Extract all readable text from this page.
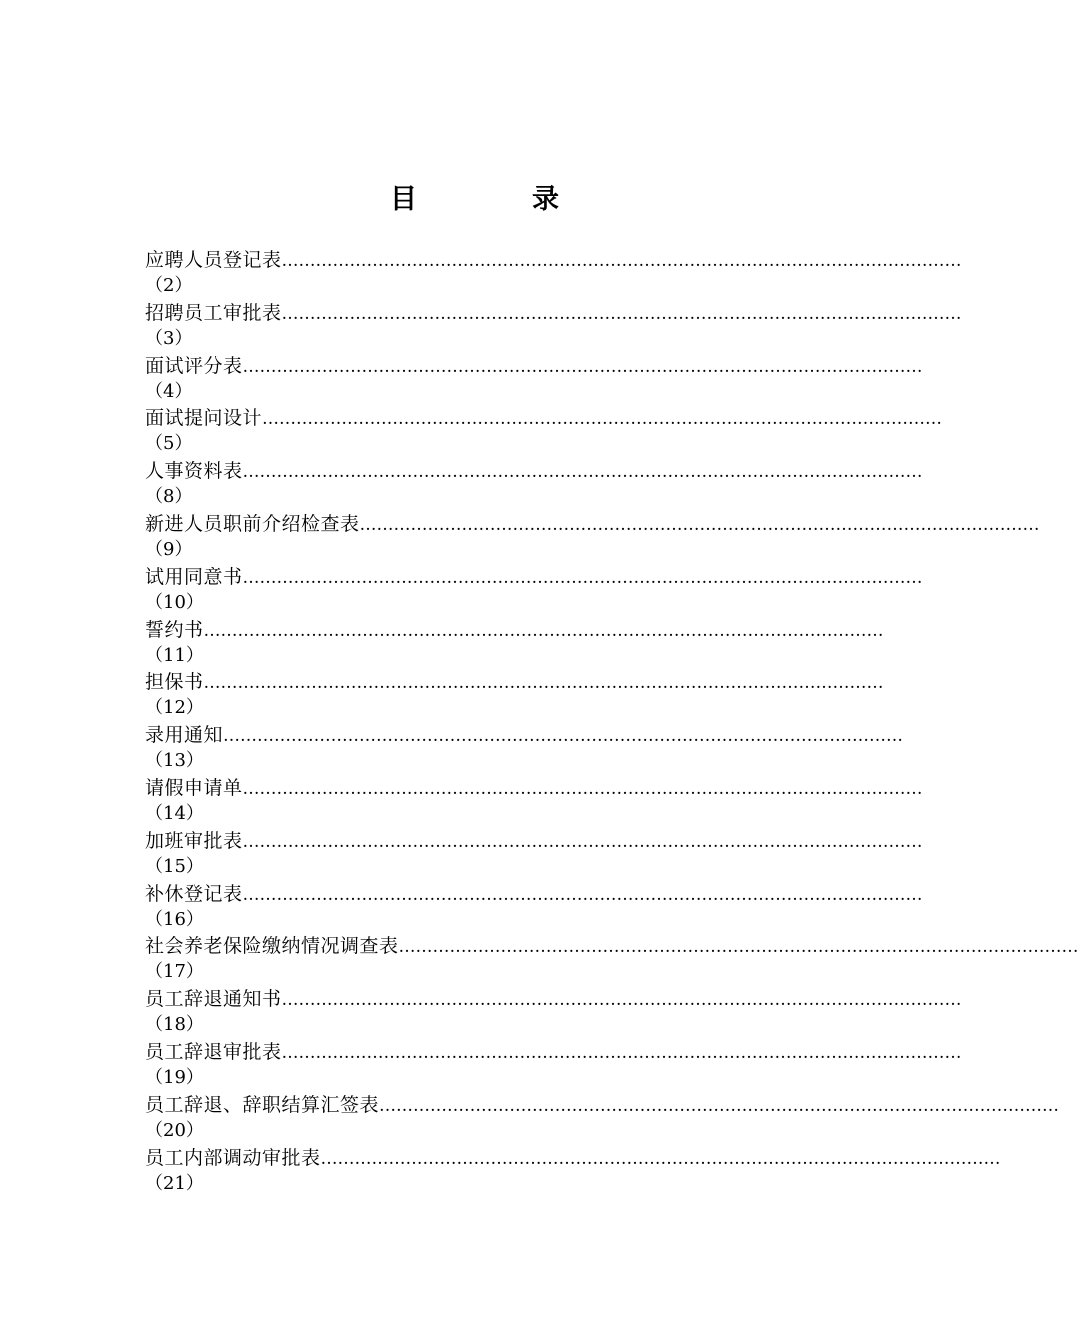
目	录
应聘人员登记表 …………………………………………………………………………………………………………
（2）
招聘员工审批表 …………………………………………………………………………………………………………
（3）
面试评分表 …………………………………………………………………………………………………………
（4）
面试提问设计 …………………………………………………………………………………………………………
（5）
人事资料表 …………………………………………………………………………………………………………
（8）
新进人员职前介绍检查表 …………………………………………………………………………………………………………
（9）
试用同意书 …………………………………………………………………………………………………………
（10）
誓约书 …………………………………………………………………………………………………………
（11）
担保书 …………………………………………………………………………………………………………
（12）
录用通知 …………………………………………………………………………………………………………
（13）
请假申请单 …………………………………………………………………………………………………………
（14）
加班审批表 …………………………………………………………………………………………………………
（15）
补休登记表 …………………………………………………………………………………………………………
（16）
社会养老保险缴纳情况调查表 …………………………………………………………………………………………………………
（17）
员工辞退通知书 …………………………………………………………………………………………………………
（18）
员工辞退审批表 …………………………………………………………………………………………………………
（19）
员工辞退、辞职结算汇签表 …………………………………………………………………………………………………………
（20）
员工内部调动审批表 …………………………………………………………………………………………………………
（21）
